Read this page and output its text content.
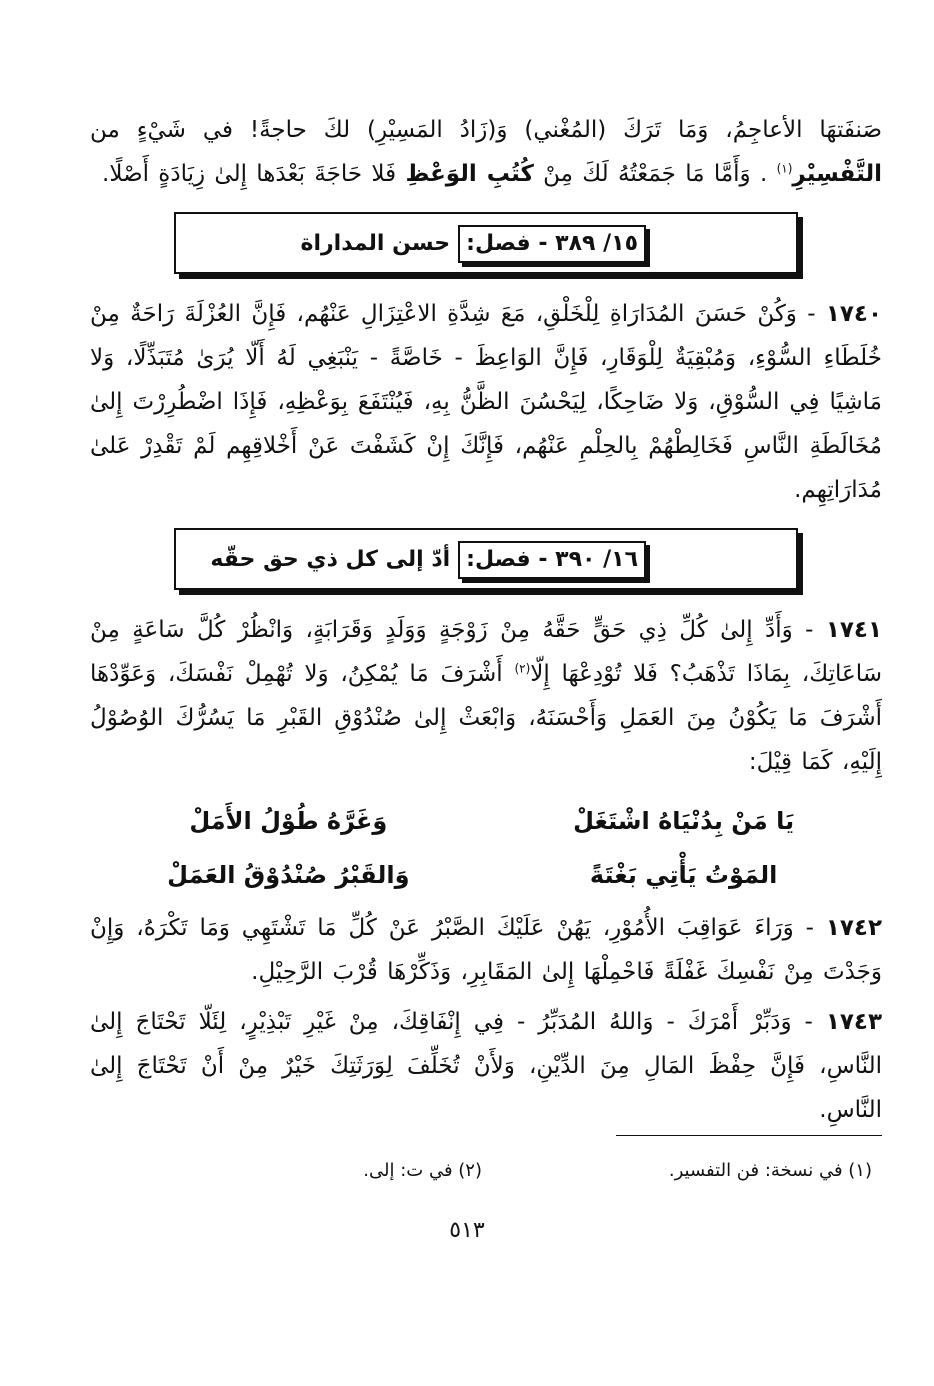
صَنفَتهَا الأعاجِمُ، وَمَا تَرَكَ (المُغْني) وَ(زَادُ المَسِيْرِ) لكَ حاجةً! في شَيْءٍ من التَّفْسِيْرِ$^{(١)}$ . وَأَمَّا مَا جَمَعْتُهُ لَكَ مِنْ كُتُبِ الوَعْظِ فَلا حَاجَةَ بَعْدَها إِلىٰ زِيَادَةٍ أَصْلًا.

١٥/ ٣٨٩ - فصل:
حسن المداراة

١٧٤٠ - وَكُنْ حَسَنَ المُدَارَاةِ لِلْخَلْقِ، مَعَ شِدَّةِ الاعْتِزَالِ عَنْهُم، فَإِنَّ العُزْلَةَ رَاحَةٌ مِنْ خُلَطَاءِ السُّوْءِ، وَمُبْقِيَةٌ لِلْوَقَارِ، فَإِنَّ الوَاعِظَ - خَاصَّةً - يَنْبَغِي لَهُ أَلّا يُرَىٰ مُتَبَذِّلًا، وَلا مَاشِيًا فِي السُّوْقِ، وَلا ضَاحِكًا، لِيَحْسُنَ الظَّنُّ بِهِ، فَيُنْتَفَعَ بِوَعْظِهِ، فَإِذَا اضْطُرِرْتَ إِلىٰ مُخَالَطَةِ النَّاسِ فَخَالِطْهُمْ بِالحِلْمِ عَنْهُم، فَإِنَّكَ إِنْ كَشَفْتَ عَنْ أَخْلاقِهِم لَمْ تَقْدِرْ عَلىٰ مُدَارَاتِهِم.

١٦/ ٣٩٠ - فصل:
أدّ إلى كل ذي حق حقّه

١٧٤١ - وَأَدِّ إِلىٰ كُلِّ ذِي حَقٍّ حَقَّهُ مِنْ زَوْجَةٍ وَوَلَدٍ وَقَرَابَةٍ، وَانْظُرْ كُلَّ سَاعَةٍ مِنْ سَاعَاتِكَ، بِمَاذَا تَذْهَبُ؟ فَلا تُوْدِعْهَا إِلّا$^{(٢)}$ أَشْرَفَ مَا يُمْكِنُ، وَلا تُهْمِلْ نَفْسَكَ، وَعَوِّدْهَا أَشْرَفَ مَا يَكُوْنُ مِنَ العَمَلِ وَأَحْسَنَهُ، وَابْعَثْ إِلىٰ صُنْدُوْقِ القَبْرِ مَا يَسُرُّكَ الوُصُوْلُ إِلَيْهِ، كَمَا قِيْلَ:

يَا مَنْ بِدُنْيَاهُ اشْتَغَلْ
وَغَرَّهُ طُوْلُ الأَمَلْ
المَوْتُ يَأْتِي بَغْتَةً
وَالقَبْرُ صُنْدُوْقُ العَمَلْ

١٧٤٢ - وَرَاءَ عَوَاقِبَ الأُمُوْرِ، يَهُنْ عَلَيْكَ الصَّبْرُ عَنْ كُلِّ مَا تَشْتَهِي وَمَا تَكْرَهُ، وَإِنْ وَجَدْتَ مِنْ نَفْسِكَ غَفْلَةً فَاحْمِلْهَا إِلىٰ المَقَابِرِ، وَذَكِّرْهَا قُرْبَ الرَّحِيْلِ.

١٧٤٣ - وَدَبِّرْ أَمْرَكَ - وَاللهُ المُدَبِّرُ - فِي إِنْفَاقِكَ، مِنْ غَيْرِ تَبْذِيْرٍ، لِئَلّا تَحْتَاجَ إِلىٰ النَّاسِ، فَإِنَّ حِفْظَ المَالِ مِنَ الدِّيْنِ، وَلأَنْ تُخَلِّفَ لِوَرَثَتِكَ خَيْرٌ مِنْ أَنْ تَحْتَاجَ إِلىٰ النَّاسِ.

(١) في نسخة: فن التفسير.
(٢) في ت: إلى.
٥١٣
